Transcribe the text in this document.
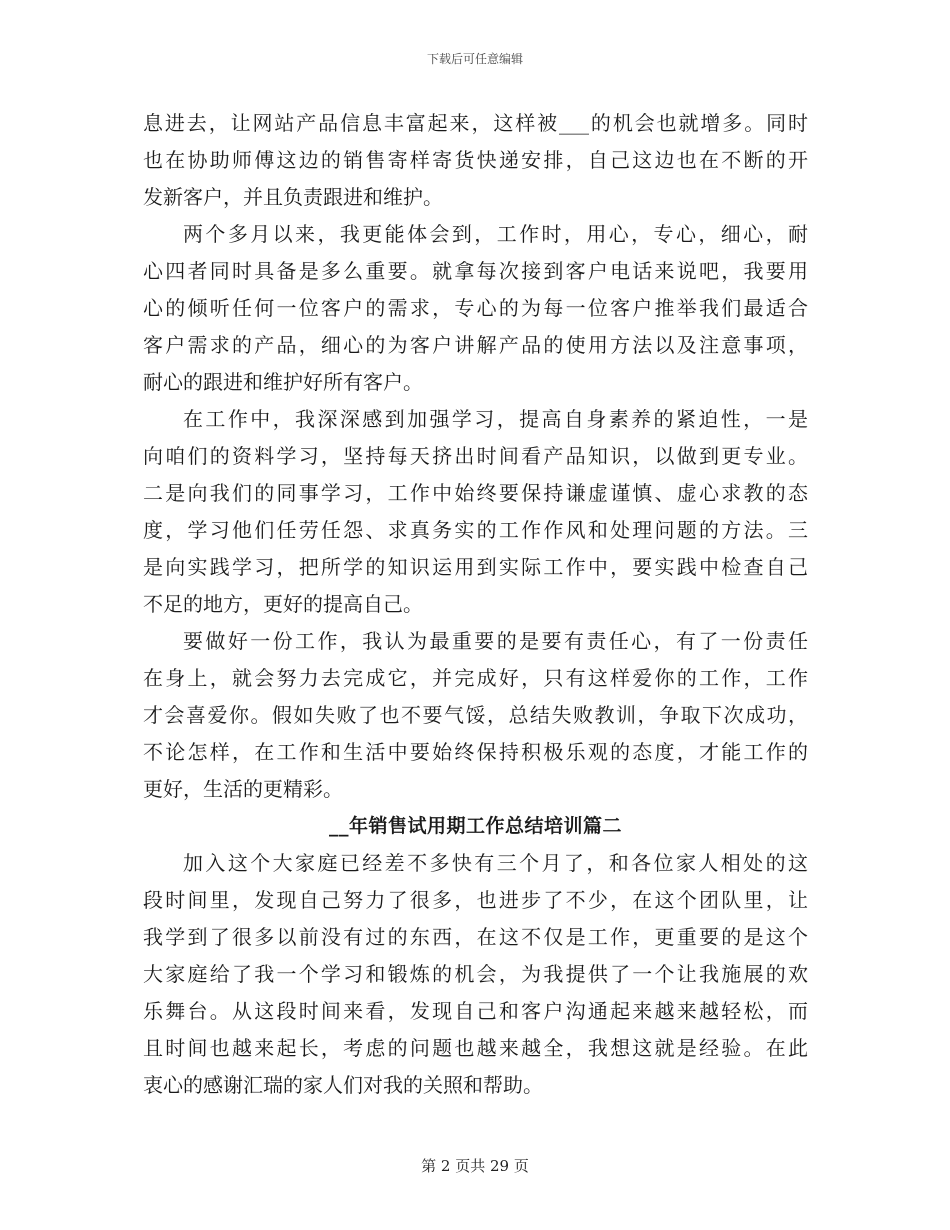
下载后可任意编辑
息进去，让网站产品信息丰富起来，这样被___的机会也就增多。同时
也在协助师傅这边的销售寄样寄货快递安排，自己这边也在不断的开
发新客户，并且负责跟进和维护。
两个多月以来，我更能体会到，工作时，用心，专心，细心，耐
心四者同时具备是多么重要。就拿每次接到客户电话来说吧，我要用
心的倾听任何一位客户的需求，专心的为每一位客户推举我们最适合
客户需求的产品，细心的为客户讲解产品的使用方法以及注意事项，
耐心的跟进和维护好所有客户。
在工作中，我深深感到加强学习，提高自身素养的紧迫性，一是
向咱们的资料学习，坚持每天挤出时间看产品知识，以做到更专业。
二是向我们的同事学习，工作中始终要保持谦虚谨慎、虚心求教的态
度，学习他们任劳任怨、求真务实的工作作风和处理问题的方法。三
是向实践学习，把所学的知识运用到实际工作中，要实践中检查自己
不足的地方，更好的提高自己。
要做好一份工作，我认为最重要的是要有责任心，有了一份责任
在身上，就会努力去完成它，并完成好，只有这样爱你的工作，工作
才会喜爱你。假如失败了也不要气馁，总结失败教训，争取下次成功，
不论怎样，在工作和生活中要始终保持积极乐观的态度，才能工作的
更好，生活的更精彩。
__年销售试用期工作总结培训篇二
加入这个大家庭已经差不多快有三个月了，和各位家人相处的这
段时间里，发现自己努力了很多，也进步了不少，在这个团队里，让
我学到了很多以前没有过的东西，在这不仅是工作，更重要的是这个
大家庭给了我一个学习和锻炼的机会，为我提供了一个让我施展的欢
乐舞台。从这段时间来看，发现自己和客户沟通起来越来越轻松，而
且时间也越来起长，考虑的问题也越来越全，我想这就是经验。在此
衷心的感谢汇瑞的家人们对我的关照和帮助。
第 2 页共 29 页
